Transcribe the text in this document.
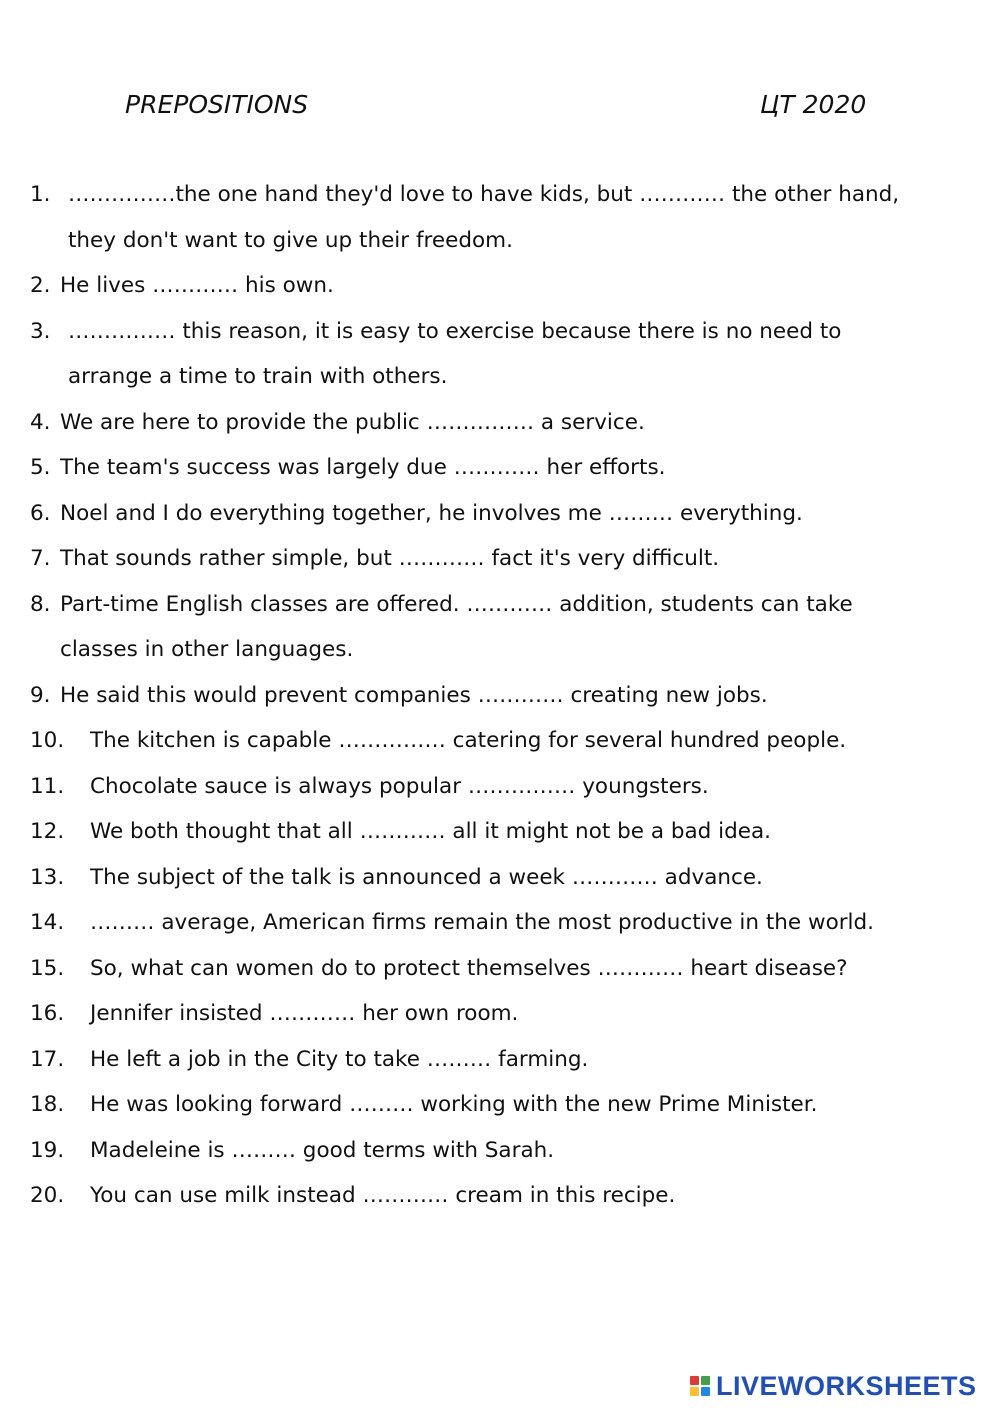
PREPOSITIONS	ЦТ 2020
1. ……………the one hand they'd love to have kids, but ………… the other hand,
they don't want to give up their freedom.
2. He lives ………… his own.
3. …………… this reason, it is easy to exercise because there is no need to
arrange a time to train with others.
4. We are here to provide the public …………… a service.
5. The team's success was largely due ………… her efforts.
6. Noel and I do everything together, he involves me ……… everything.
7. That sounds rather simple, but ………… fact it's very difficult.
8. Part-time English classes are offered. ………… addition, students can take
classes in other languages.
9. He said this would prevent companies ………… creating new jobs.
10.	The kitchen is capable …………… catering for several hundred people.
11.	Chocolate sauce is always popular …………… youngsters.
12.	We both thought that all ………… all it might not be a bad idea.
13.	The subject of the talk is announced a week ………… advance.
14.	……… average, American firms remain the most productive in the world.
15.	So, what can women do to protect themselves ………… heart disease?
16.	Jennifer insisted ………… her own room.
17.	He left a job in the City to take ……… farming.
18.	He was looking forward ……… working with the new Prime Minister.
19.	Madeleine is ……… good terms with Sarah.
20.	You can use milk instead ………… cream in this recipe.
LIVEWORKSHEETS
